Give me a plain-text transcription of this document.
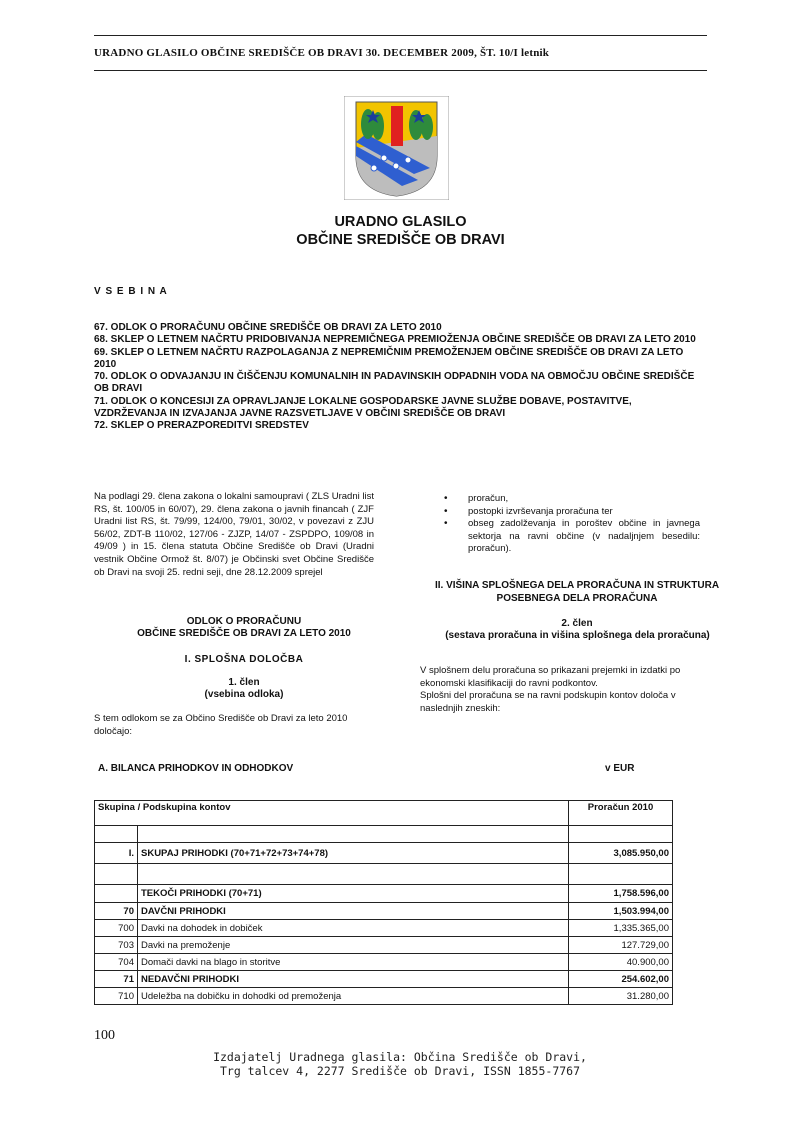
URADNO GLASILO OBČINE SREDIŠČE OB DRAVI 30. DECEMBER 2009, ŠT. 10/I letnik
URADNO GLASILO
OBČINE SREDIŠČE OB DRAVI
V S E B I N A
67. ODLOK O PRORAČUNU OBČINE SREDIŠČE OB DRAVI ZA LETO 2010
68. SKLEP O LETNEM NAČRTU PRIDOBIVANJA NEPREMIČNEGA PREMIOŽENJA OBČINE SREDIŠČE OB DRAVI ZA LETO 2010
69. SKLEP O LETNEM NAČRTU RAZPOLAGANJA Z NEPREMIČNIM PREMOŽENJEM OBČINE SREDIŠČE OB DRAVI ZA LETO 2010
70. ODLOK O ODVAJANJU IN ČIŠČENJU KOMUNALNIH IN PADAVINSKIH ODPADNIH VODA NA OBMOČJU OBČINE SREDIŠČE OB DRAVI
71. ODLOK O KONCESIJI ZA OPRAVLJANJE LOKALNE GOSPODARSKE JAVNE SLUŽBE DOBAVE, POSTAVITVE, VZDRŽEVANJA IN IZVAJANJA JAVNE RAZSVETLJAVE V OBČINI SREDIŠČE OB DRAVI
72. SKLEP O PRERAZPOREDITVI SREDSTEV
Na podlagi 29. člena zakona o lokalni samoupravi ( ZLS Uradni list RS, št. 100/05 in 60/07), 29. člena zakona o javnih financah ( ZJF Uradni list RS, št. 79/99, 124/00, 79/01, 30/02, v povezavi z ZJU 56/02, ZDT-B 110/02, 127/06 - ZJZP, 14/07 - ZSPDPO, 109/08 in 49/09 ) in 15. člena statuta Občine Središče ob Dravi (Uradni vestnik Občine Ormož št. 8/07) je Občinski svet Občine Središče ob Dravi na svoji 25. redni seji, dne 28.12.2009 sprejel
ODLOK O PRORAČUNU
OBČINE SREDIŠČE OB DRAVI ZA LETO 2010
I. SPLOŠNA DOLOČBA
1. člen
(vsebina odloka)
S tem odlokom se za Občino Središče ob Dravi za leto 2010 določajo:
• proračun,
• postopki izvrševanja proračuna ter
• obseg zadolževanja in poroštev občine in javnega sektorja na ravni občine (v nadaljnjem besedilu: proračun).
II. VIŠINA SPLOŠNEGA DELA PRORAČUNA IN STRUKTURA POSEBNEGA DELA PRORAČUNA
2. člen
(sestava proračuna in višina splošnega dela proračuna)
V splošnem delu proračuna so prikazani prejemki in izdatki po ekonomski klasifikaciji do ravni podkontov.
Splošni del proračuna se na ravni podskupin kontov določa v naslednjih zneskih:
A. BILANCA PRIHODKOV IN ODHODKOV	v EUR
Skupina / Podskupina kontov		Proračun 2010

I.	SKUPAJ PRIHODKI (70+71+72+73+74+78)	3,085.950,00

	TEKOČI PRIHODKI (70+71)	1,758.596,00
70	DAVČNI PRIHODKI	1,503.994,00
700	Davki na dohodek in dobiček	1,335.365,00
703	Davki na premoženje	127.729,00
704	Domači davki na blago in storitve	40.900,00
71	NEDAVČNI PRIHODKI	254.602,00
710	Udeležba na dobičku in dohodki od premoženja	31.280,00
100
Izdajatelj Uradnega glasila: Občina Središče ob Dravi,
Trg talcev 4, 2277 Središče ob Dravi, ISSN 1855-7767
